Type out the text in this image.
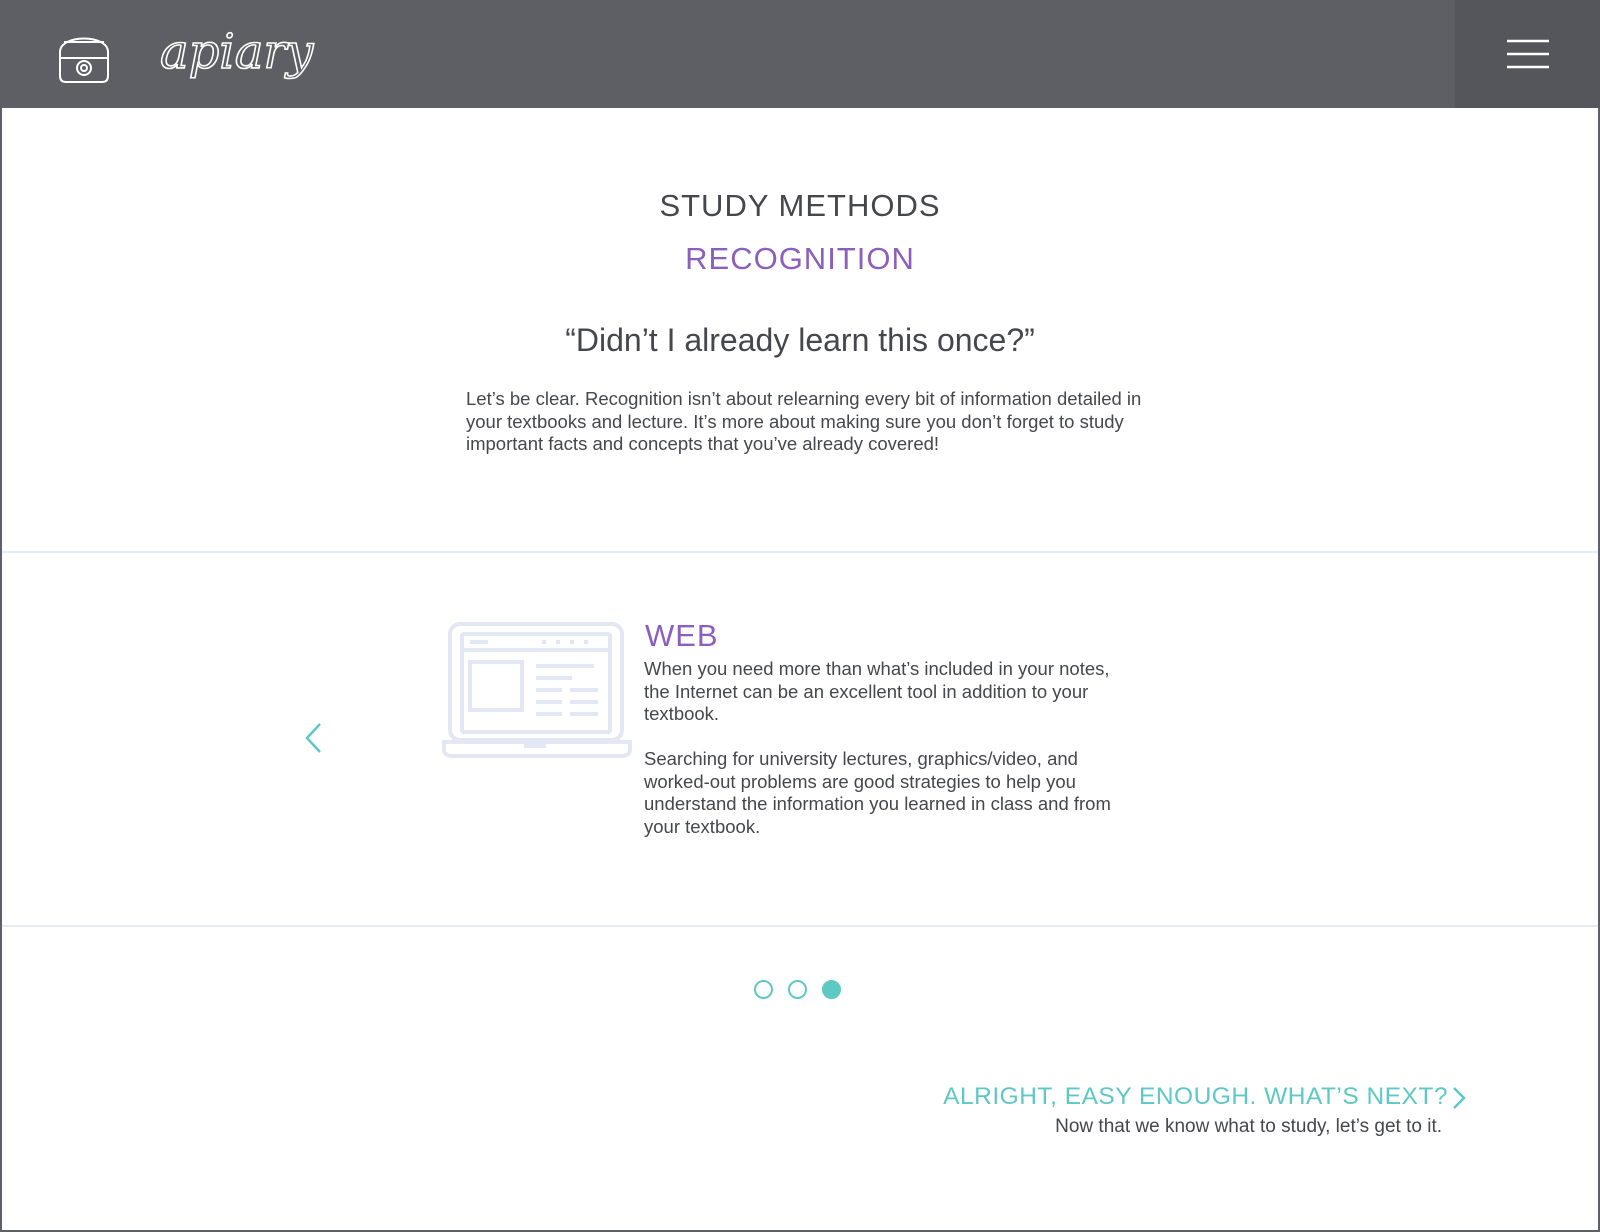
apiary
STUDY METHODS
RECOGNITION
“Didn’t I already learn this once?”

Let’s be clear. Recognition isn’t about relearning every bit of information detailed in your textbooks and lecture. It’s more about making sure you don’t forget to study important facts and concepts that you’ve already covered!

WEB

When you need more than what’s included in your notes, the Internet can be an excellent tool in addition to your textbook.

Searching for university lectures, graphics/video, and worked-out problems are good strategies to help you understand the information you learned in class and from your textbook.

ALRIGHT, EASY ENOUGH. WHAT’S NEXT?
Now that we know what to study, let’s get to it.
